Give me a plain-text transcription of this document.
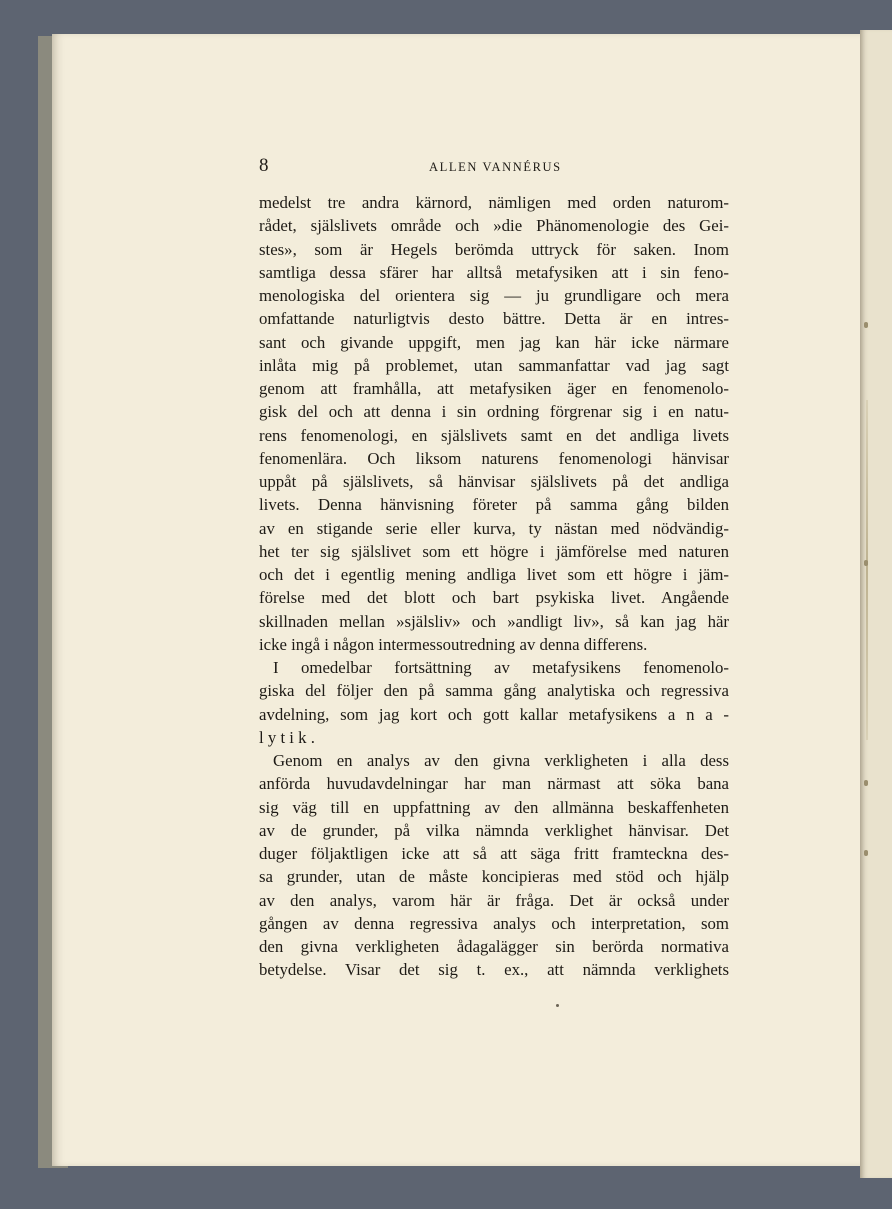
8	ALLEN VANNÉRUS
medelst tre andra kärnord, nämligen med orden naturom-
rådet, själslivets område och »die Phänomenologie des Gei-
stes», som är Hegels berömda uttryck för saken. Inom
samtliga dessa sfärer har alltså metafysiken att i sin feno-
menologiska del orientera sig — ju grundligare och mera
omfattande naturligtvis desto bättre. Detta är en intres-
sant och givande uppgift, men jag kan här icke närmare
inlåta mig på problemet, utan sammanfattar vad jag sagt
genom att framhålla, att metafysiken äger en fenomenolo-
gisk del och att denna i sin ordning förgrenar sig i en natu-
rens fenomenologi, en själslivets samt en det andliga livets
fenomenlära. Och liksom naturens fenomenologi hänvisar
uppåt på själslivets, så hänvisar själslivets på det andliga
livets. Denna hänvisning företer på samma gång bilden
av en stigande serie eller kurva, ty nästan med nödvändig-
het ter sig själslivet som ett högre i jämförelse med naturen
och det i egentlig mening andliga livet som ett högre i jäm-
förelse med det blott och bart psykiska livet. Angående
skillnaden mellan »själsliv» och »andligt liv», så kan jag här
icke ingå i någon intermessoutredning av denna differens.
I omedelbar fortsättning av metafysikens fenomenolo-
giska del följer den på samma gång analytiska och regressiva
avdelning, som jag kort och gott kallar metafysikens a n a -
l y t i k .
Genom en analys av den givna verkligheten i alla dess
anförda huvudavdelningar har man närmast att söka bana
sig väg till en uppfattning av den allmänna beskaffenheten
av de grunder, på vilka nämnda verklighet hänvisar. Det
duger följaktligen icke att så att säga fritt framteckna des-
sa grunder, utan de måste koncipieras med stöd och hjälp
av den analys, varom här är fråga. Det är också under
gången av denna regressiva analys och interpretation, som
den givna verkligheten ådagalägger sin berörda normativa
betydelse. Visar det sig t. ex., att nämnda verklighets
